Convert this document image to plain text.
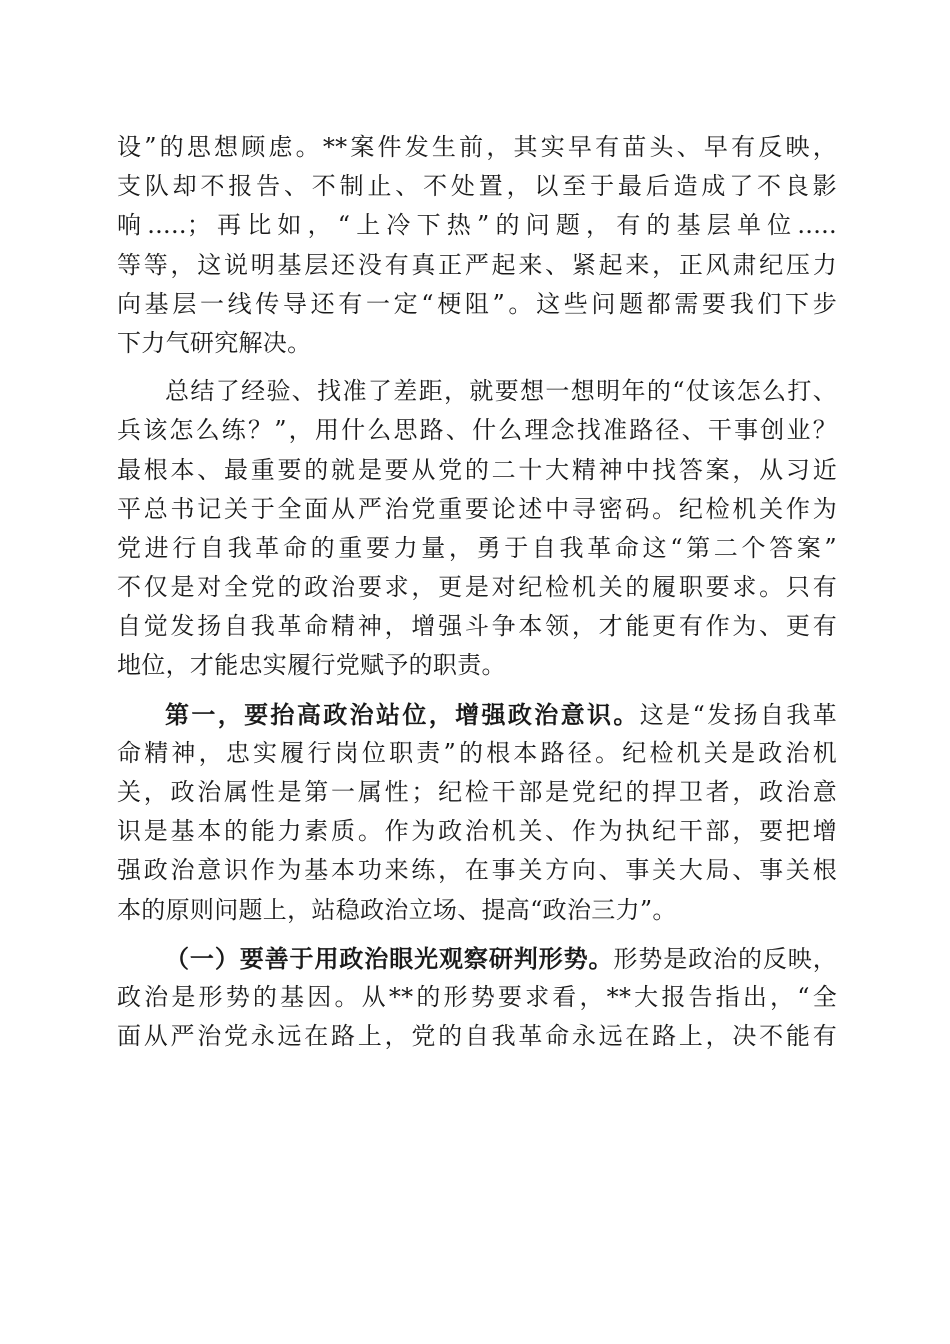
设”的思想顾虑。**案件发生前，其实早有苗头、早有反映，
支队却不报告、不制止、不处置，以至于最后造成了不良影
响.....；再比如，“上冷下热”的问题，有的基层单位.....
等等，这说明基层还没有真正严起来、紧起来，正风肃纪压力
向基层一线传导还有一定“梗阻”。这些问题都需要我们下步
下力气研究解决。
总结了经验、找准了差距，就要想一想明年的“仗该怎么打、
兵该怎么练？”，用什么思路、什么理念找准路径、干事创业？
最根本、最重要的就是要从党的二十大精神中找答案，从习近
平总书记关于全面从严治党重要论述中寻密码。纪检机关作为
党进行自我革命的重要力量，勇于自我革命这“第二个答案”
不仅是对全党的政治要求，更是对纪检机关的履职要求。只有
自觉发扬自我革命精神，增强斗争本领，才能更有作为、更有
地位，才能忠实履行党赋予的职责。
第一，要抬高政治站位，增强政治意识。这是“发扬自我革
命精神，忠实履行岗位职责”的根本路径。纪检机关是政治机
关，政治属性是第一属性；纪检干部是党纪的捍卫者，政治意
识是基本的能力素质。作为政治机关、作为执纪干部，要把增
强政治意识作为基本功来练，在事关方向、事关大局、事关根
本的原则问题上，站稳政治立场、提高“政治三力”。
（一）要善于用政治眼光观察研判形势。形势是政治的反映，
政治是形势的基因。从**的形势要求看，**大报告指出，“全
面从严治党永远在路上，党的自我革命永远在路上，决不能有
